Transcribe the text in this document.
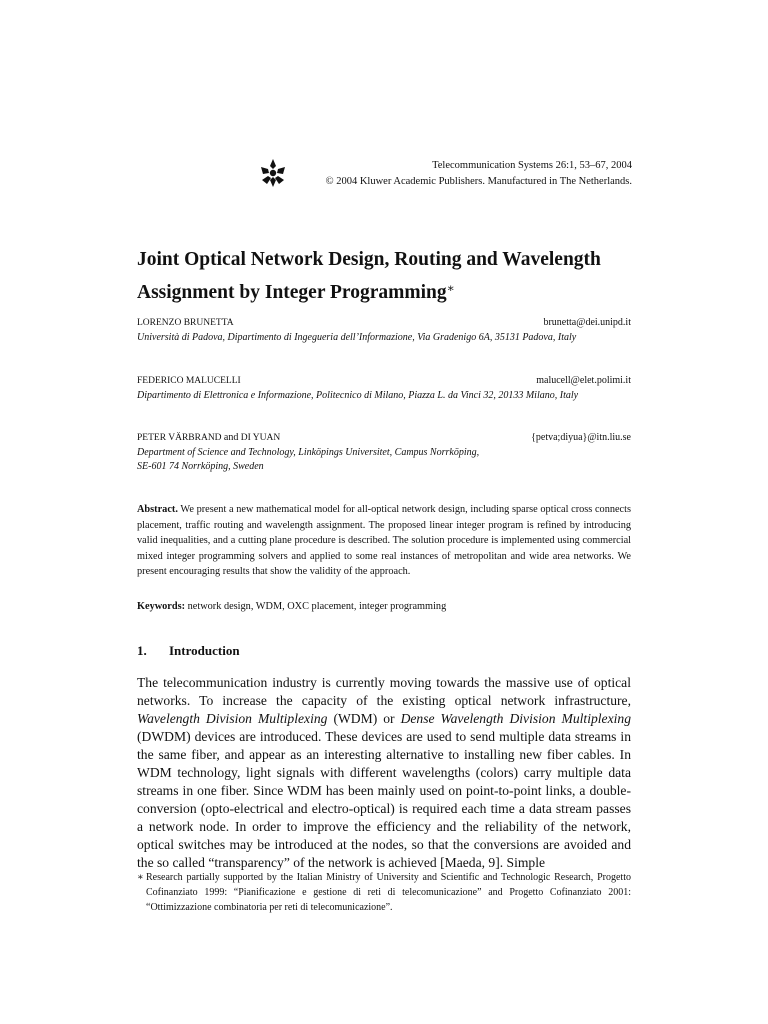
Telecommunication Systems 26:1, 53–67, 2004
© 2004 Kluwer Academic Publishers. Manufactured in The Netherlands.
Joint Optical Network Design, Routing and Wavelength Assignment by Integer Programming∗
LORENZO BRUNETTA	brunetta@dei.unipd.it
Università di Padova, Dipartimento di Ingegueria dell’Informazione, Via Gradenigo 6A, 35131 Padova, Italy
FEDERICO MALUCELLI	malucell@elet.polimi.it
Dipartimento di Elettronica e Informazione, Politecnico di Milano, Piazza L. da Vinci 32, 20133 Milano, Italy
PETER VÄRBRAND and DI YUAN	{petva;diyua}@itn.liu.se
Department of Science and Technology, Linköpings Universitet, Campus Norrköping,
SE-601 74 Norrköping, Sweden
Abstract. We present a new mathematical model for all-optical network design, including sparse optical cross connects placement, traffic routing and wavelength assignment. The proposed linear integer program is refined by introducing valid inequalities, and a cutting plane procedure is described. The solution procedure is implemented using commercial mixed integer programming solvers and applied to some real instances of metropolitan and wide area networks. We present encouraging results that show the validity of the approach.
Keywords: network design, WDM, OXC placement, integer programming
1. Introduction
The telecommunication industry is currently moving towards the massive use of optical networks. To increase the capacity of the existing optical network infrastructure, Wavelength Division Multiplexing (WDM) or Dense Wavelength Division Multiplexing (DWDM) devices are introduced. These devices are used to send multiple data streams in the same fiber, and appear as an interesting alternative to installing new fiber cables. In WDM technology, light signals with different wavelengths (colors) carry multiple data streams in one fiber. Since WDM has been mainly used on point-to-point links, a double-conversion (opto-electrical and electro-optical) is required each time a data stream passes a network node. In order to improve the efficiency and the reliability of the network, optical switches may be introduced at the nodes, so that the conversions are avoided and the so called “transparency” of the network is achieved [Maeda, 9]. Simple
∗ Research partially supported by the Italian Ministry of University and Scientific and Technologic Research, Progetto Cofinanziato 1999: “Pianificazione e gestione di reti di telecomunicazione” and Progetto Cofinanziato 2001: “Ottimizzazione combinatoria per reti di telecomunicazione”.
